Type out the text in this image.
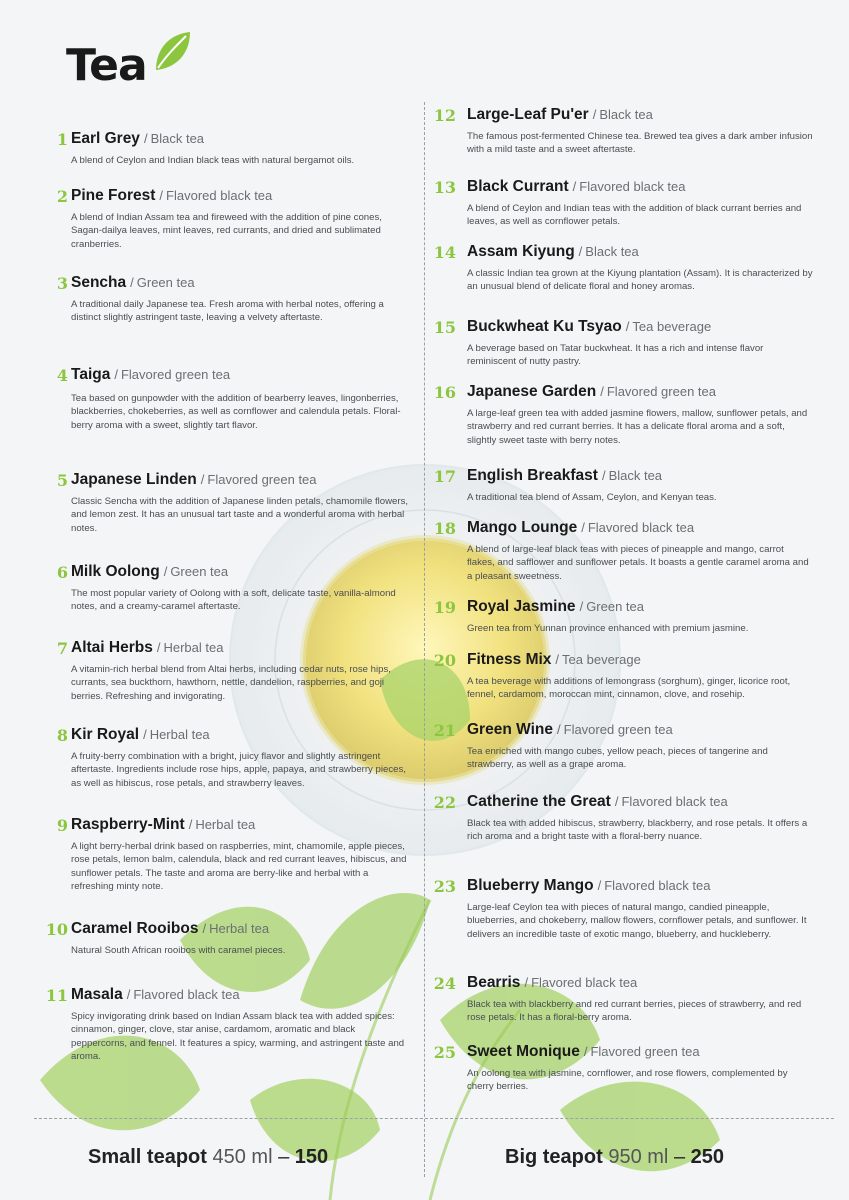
Tea
1 Earl Grey / Black tea
A blend of Ceylon and Indian black teas with natural bergamot oils.
2 Pine Forest / Flavored black tea
A blend of Indian Assam tea and fireweed with the addition of pine cones, Sagan-dailya leaves, mint leaves, red currants, and dried and sublimated cranberries.
3 Sencha / Green tea
A traditional daily Japanese tea. Fresh aroma with herbal notes, offering a distinct slightly astringent taste, leaving a velvety aftertaste.
4 Taiga / Flavored green tea
Tea based on gunpowder with the addition of bearberry leaves, lingonberries, blackberries, chokeberries, as well as cornflower and calendula petals. Floral-berry aroma with a sweet, slightly tart flavor.
5 Japanese Linden / Flavored green tea
Classic Sencha with the addition of Japanese linden petals, chamomile flowers, and lemon zest. It has an unusual tart taste and a wonderful aroma with herbal notes.
6 Milk Oolong / Green tea
The most popular variety of Oolong with a soft, delicate taste, vanilla-almond notes, and a creamy-caramel aftertaste.
7 Altai Herbs / Herbal tea
A vitamin-rich herbal blend from Altai herbs, including cedar nuts, rose hips, currants, sea buckthorn, hawthorn, nettle, dandelion, raspberries, and goji berries. Refreshing and invigorating.
8 Kir Royal / Herbal tea
A fruity-berry combination with a bright, juicy flavor and slightly astringent aftertaste. Ingredients include rose hips, apple, papaya, and strawberry pieces, as well as hibiscus, rose petals, and strawberry leaves.
9 Raspberry-Mint / Herbal tea
A light berry-herbal drink based on raspberries, mint, chamomile, apple pieces, rose petals, lemon balm, calendula, black and red currant leaves, hibiscus, and sunflower petals. The taste and aroma are berry-like and herbal with a refreshing minty note.
10 Caramel Rooibos / Herbal tea
Natural South African rooibos with caramel pieces.
11 Masala / Flavored black tea
Spicy invigorating drink based on Indian Assam black tea with added spices: cinnamon, ginger, clove, star anise, cardamom, aromatic and black peppercorns, and fennel. It features a spicy, warming, and astringent taste and aroma.
12 Large-Leaf Pu'er / Black tea
The famous post-fermented Chinese tea. Brewed tea gives a dark amber infusion with a mild taste and a sweet aftertaste.
13 Black Currant / Flavored black tea
A blend of Ceylon and Indian teas with the addition of black currant berries and leaves, as well as cornflower petals.
14 Assam Kiyung / Black tea
A classic Indian tea grown at the Kiyung plantation (Assam). It is characterized by an unusual blend of delicate floral and honey aromas.
15 Buckwheat Ku Tsyao / Tea beverage
A beverage based on Tatar buckwheat. It has a rich and intense flavor reminiscent of nutty pastry.
16 Japanese Garden / Flavored green tea
A large-leaf green tea with added jasmine flowers, mallow, sunflower petals, and strawberry and red currant berries. It has a delicate floral aroma and a soft, slightly sweet taste with berry notes.
17 English Breakfast / Black tea
A traditional tea blend of Assam, Ceylon, and Kenyan teas.
18 Mango Lounge / Flavored black tea
A blend of large-leaf black teas with pieces of pineapple and mango, carrot flakes, and safflower and sunflower petals. It boasts a gentle caramel aroma and a pleasant sweetness.
19 Royal Jasmine / Green tea
Green tea from Yunnan province enhanced with premium jasmine.
20 Fitness Mix / Tea beverage
A tea beverage with additions of lemongrass (sorghum), ginger, licorice root, fennel, cardamom, moroccan mint, cinnamon, clove, and rosehip.
21 Green Wine / Flavored green tea
Tea enriched with mango cubes, yellow peach, pieces of tangerine and strawberry, as well as a grape aroma.
22 Catherine the Great / Flavored black tea
Black tea with added hibiscus, strawberry, blackberry, and rose petals. It offers a rich aroma and a bright taste with a floral-berry nuance.
23 Blueberry Mango / Flavored black tea
Large-leaf Ceylon tea with pieces of natural mango, candied pineapple, blueberries, and chokeberry, mallow flowers, cornflower petals, and sunflower. It delivers an incredible taste of exotic mango, blueberry, and huckleberry.
24 Bearris / Flavored black tea
Black tea with blackberry and red currant berries, pieces of strawberry, and red rose petals. It has a floral-berry aroma.
25 Sweet Monique / Flavored green tea
An oolong tea with jasmine, cornflower, and rose flowers, complemented by cherry berries.
Small teapot 450 ml – 150	Big teapot 950 ml – 250
